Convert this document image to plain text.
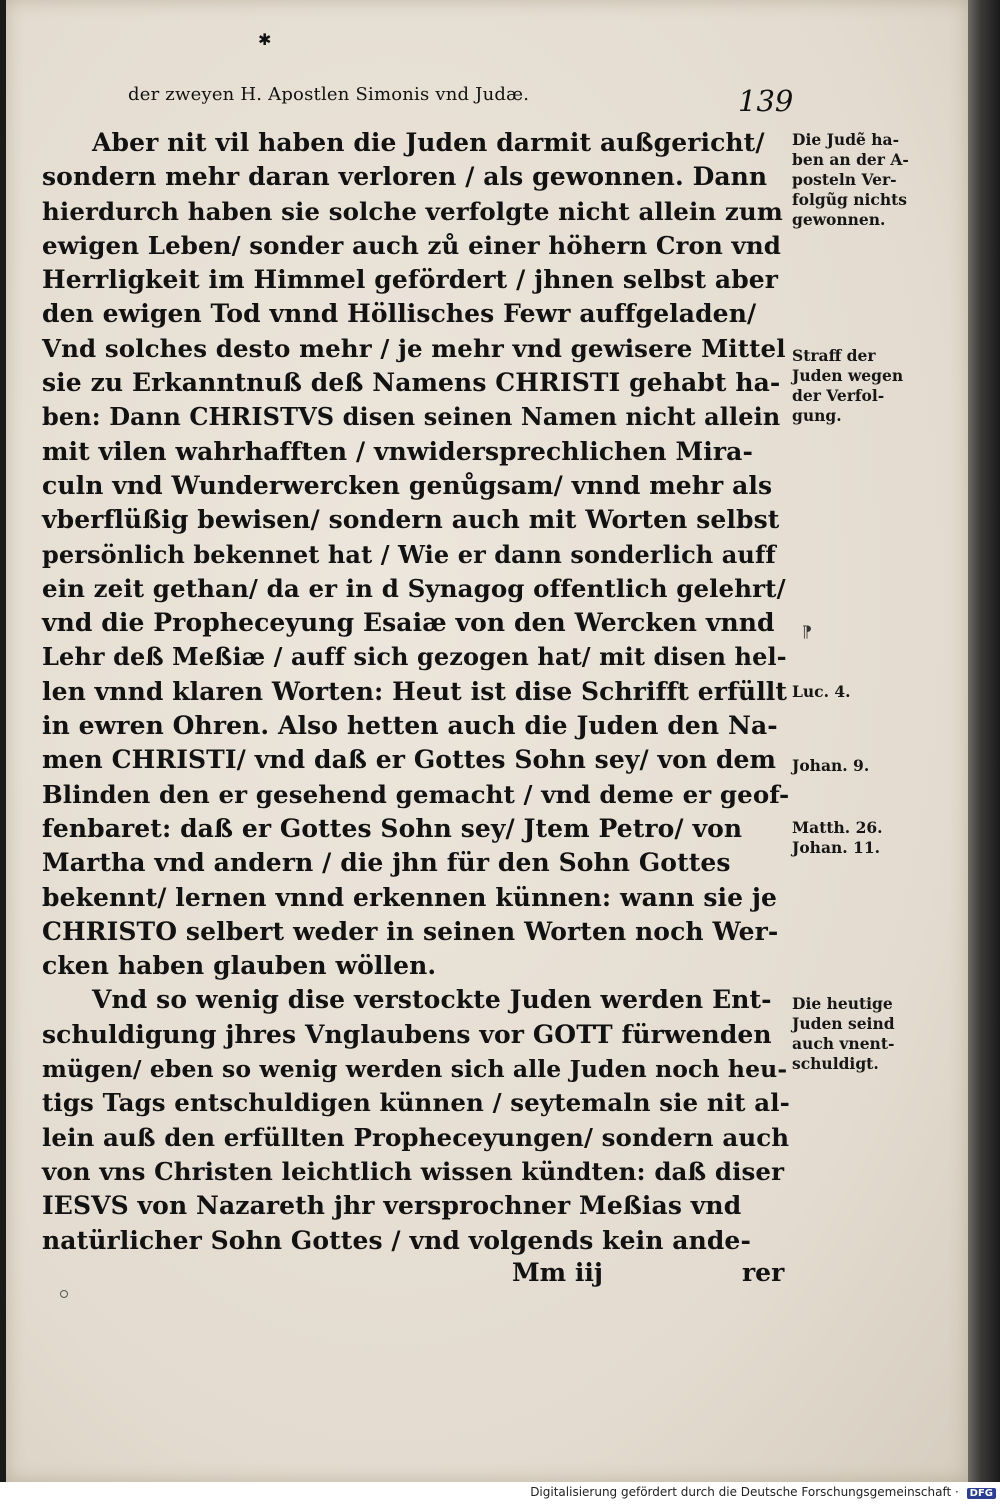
✱
der zweyen H. Apostlen Simonis vnd Judæ.	139
Aber nit vil haben die Juden darmit außgericht/
sondern mehr daran verloren / als gewonnen. Dann
hierdurch haben sie solche verfolgte nicht allein zum
ewigen Leben/ sonder auch zů einer höhern Cron vnd
Herrligkeit im Himmel gefördert / jhnen selbst aber
den ewigen Tod vnnd Höllisches Fewr auffgeladen/
Vnd solches desto mehr / je mehr vnd gewisere Mittel
sie zu Erkanntnuß deß Namens CHRISTI gehabt ha-
ben: Dann CHRISTVS disen seinen Namen nicht allein
mit vilen wahrhafften / vnwidersprechlichen Mira-
culn vnd Wunderwercken genůgsam/ vnnd mehr als
vberflüßig bewisen/ sondern auch mit Worten selbst
persönlich bekennet hat / Wie er dann sonderlich auff
ein zeit gethan/ da er in d Synagog offentlich gelehrt/
vnd die Propheceyung Esaiæ von den Wercken vnnd
Lehr deß Meßiæ / auff sich gezogen hat/ mit disen hel-
len vnnd klaren Worten: Heut ist dise Schrifft erfüllt
in ewren Ohren. Also hetten auch die Juden den Na-
men CHRISTI/ vnd daß er Gottes Sohn sey/ von dem
Blinden den er gesehend gemacht / vnd deme er geof-
fenbaret: daß er Gottes Sohn sey/ Jtem Petro/ von
Martha vnd andern / die jhn für den Sohn Gottes
bekennt/ lernen vnnd erkennen künnen: wann sie je
CHRISTO selbert weder in seinen Worten noch Wer-
cken haben glauben wöllen.
Vnd so wenig dise verstockte Juden werden Ent-
schuldigung jhres Vnglaubens vor GOTT fürwenden
mügen/ eben so wenig werden sich alle Juden noch heu-
tigs Tags entschuldigen künnen / seytemaln sie nit al-
lein auß den erfüllten Propheceyungen/ sondern auch
von vns Christen leichtlich wissen kündten: daß diser
IESVS von Nazareth jhr versprochner Meßias vnd
natürlicher Sohn Gottes / vnd volgends kein ande-
Mm iij	rer
Die Judẽ ha-
ben an der A-
posteln Ver-
folgũg nichts
gewonnen.
Straff der
Juden wegen
der Verfol-
gung.
Luc. 4.
Johan. 9.
Matth. 26.
Johan. 11.
Die heutige
Juden seind
auch vnent-
schuldigt.
⁋
Digitalisierung gefördert durch die Deutsche Forschungsgemeinschaft · DFG
